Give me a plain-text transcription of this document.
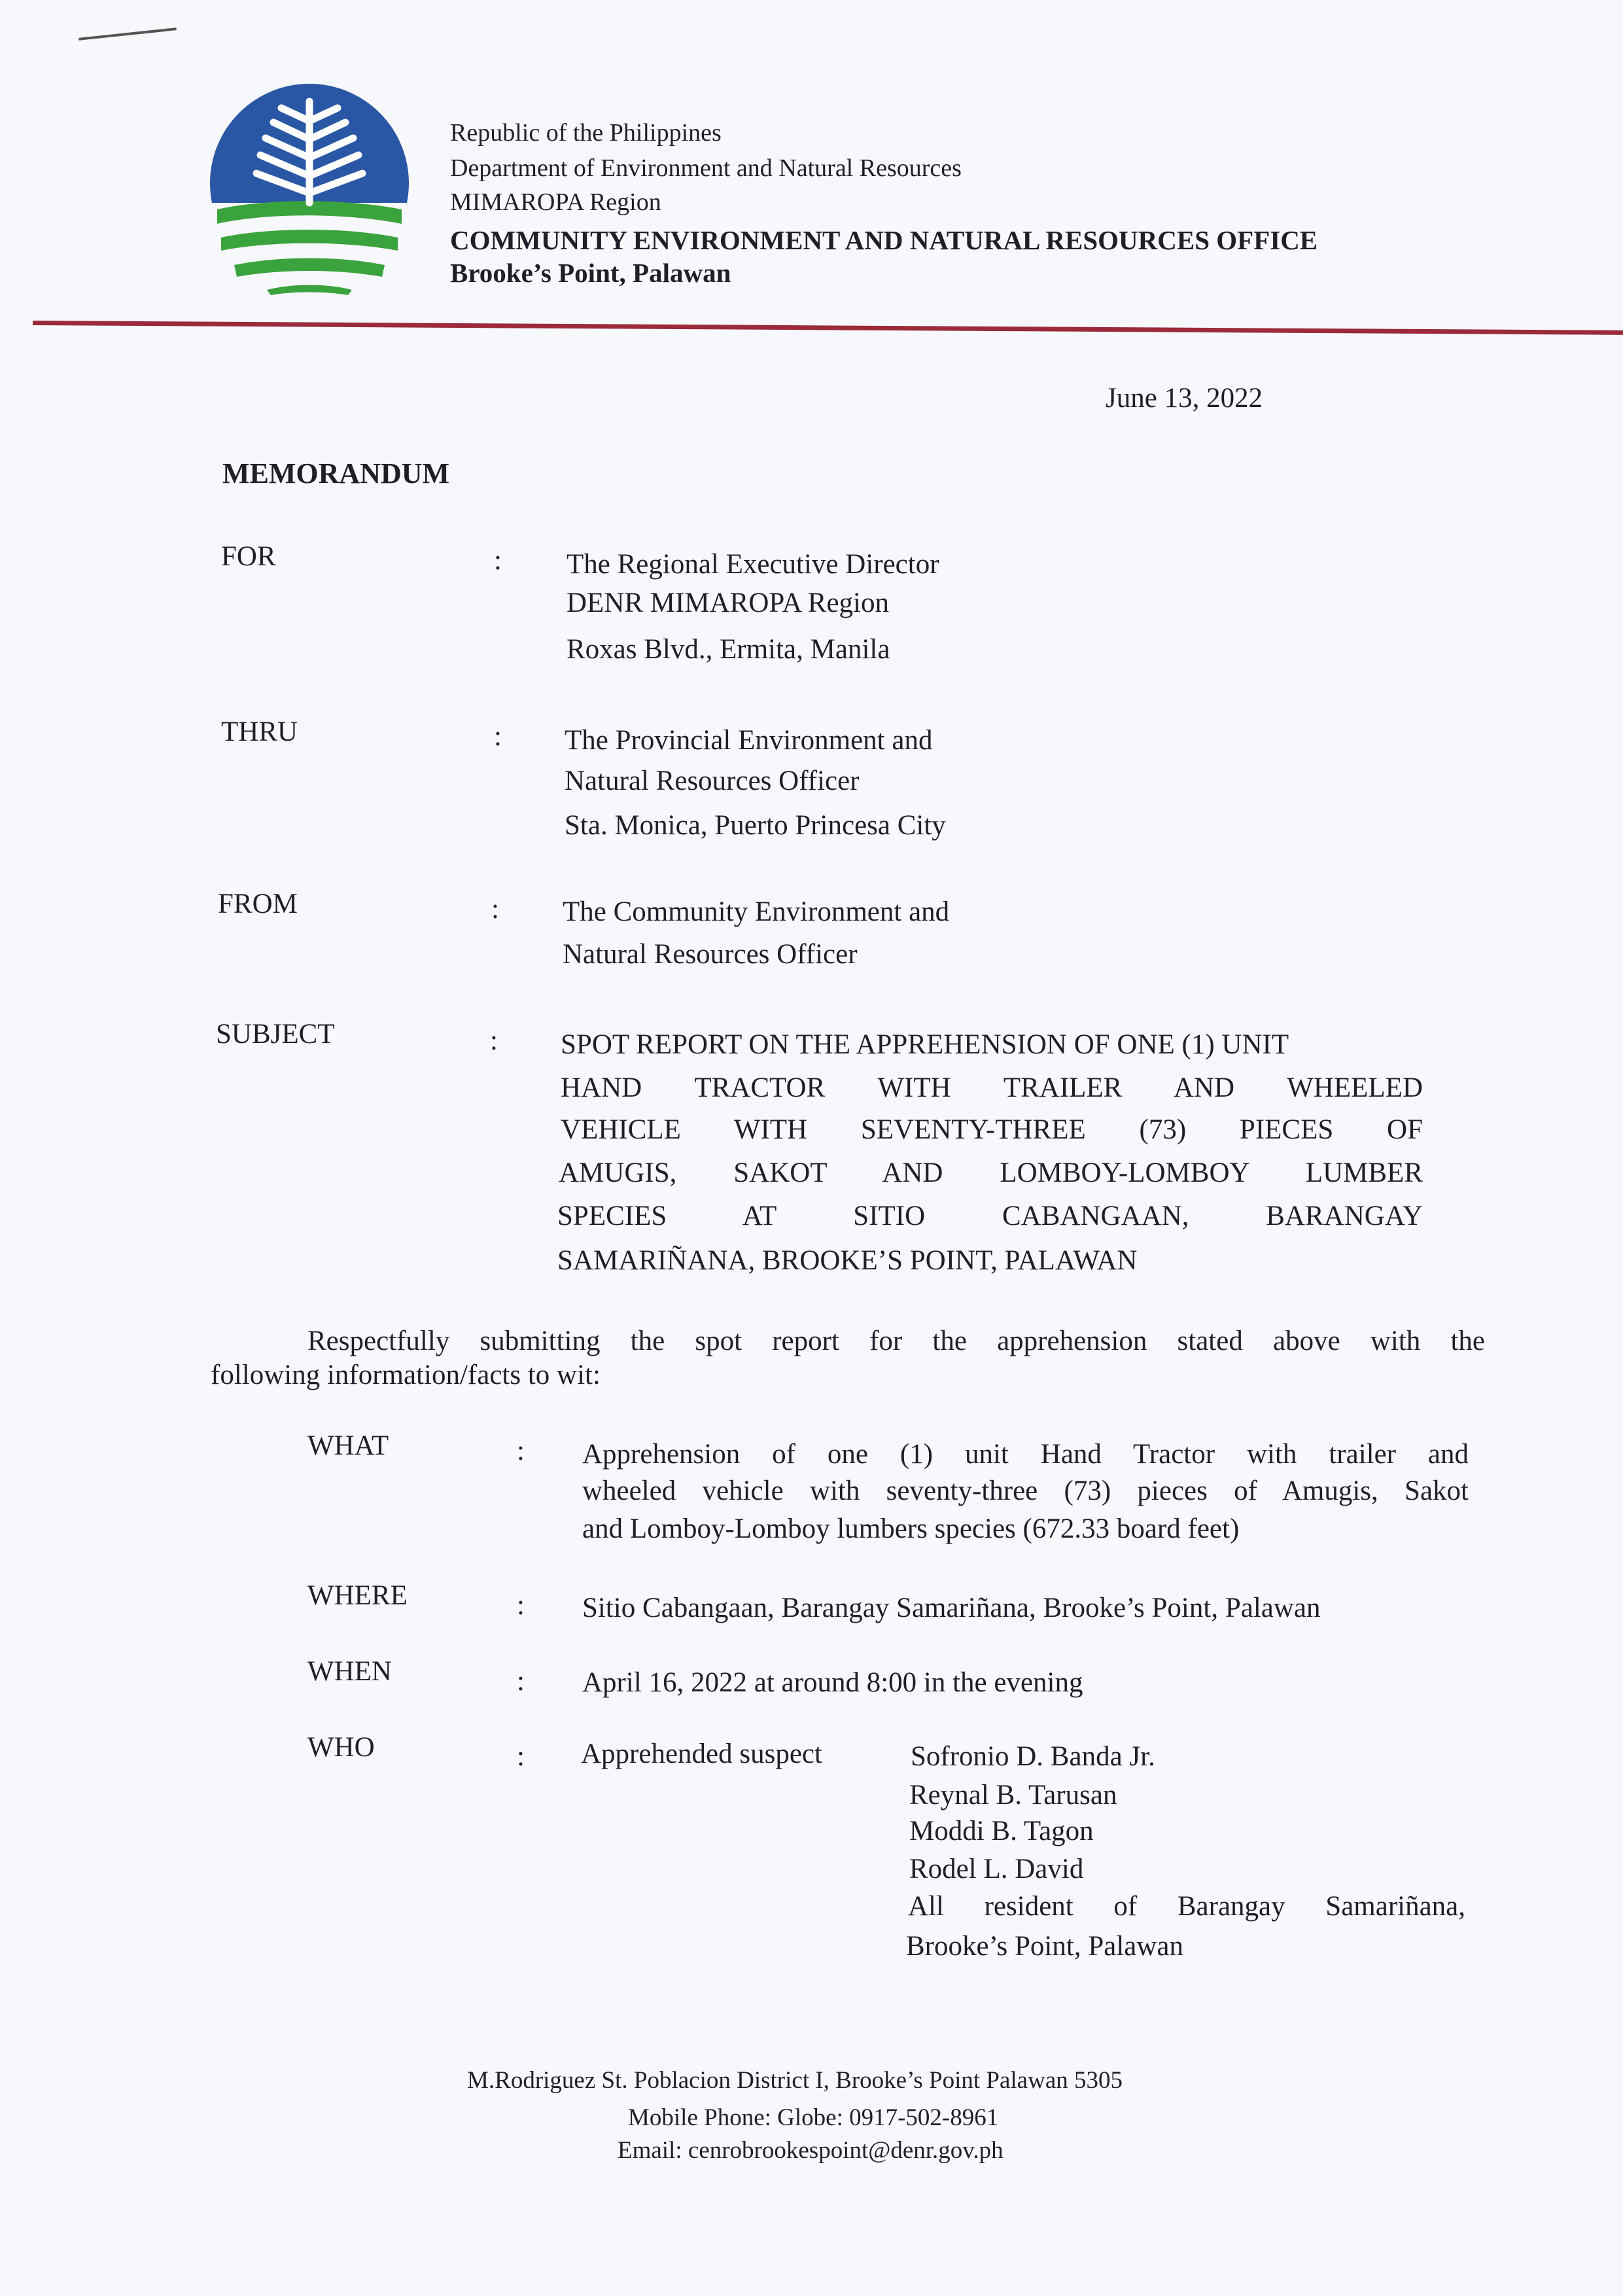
Republic of the Philippines
Department of Environment and Natural Resources
MIMAROPA Region
COMMUNITY ENVIRONMENT AND NATURAL RESOURCES OFFICE
Brooke’s Point, Palawan
June 13, 2022
MEMORANDUM
FOR	: The Regional Executive Director
DENR MIMAROPA Region
Roxas Blvd., Ermita, Manila
THRU	: The Provincial Environment and
Natural Resources Officer
Sta. Monica, Puerto Princesa City
FROM	: The Community Environment and
Natural Resources Officer
SUBJECT	: SPOT REPORT ON THE APPREHENSION OF ONE (1) UNIT
HAND TRACTOR WITH TRAILER AND WHEELED
VEHICLE WITH SEVENTY-THREE (73) PIECES OF
AMUGIS, SAKOT AND LOMBOY-LOMBOY LUMBER
SPECIES AT SITIO CABANGAAN, BARANGAY
SAMARIÑANA, BROOKE’S POINT, PALAWAN
Respectfully submitting the spot report for the apprehension stated above with the
following information/facts to wit:
WHAT	: Apprehension of one (1) unit Hand Tractor with trailer and
wheeled vehicle with seventy-three (73) pieces of Amugis, Sakot
and Lomboy-Lomboy lumbers species (672.33 board feet)
WHERE	: Sitio Cabangaan, Barangay Samariñana, Brooke’s Point, Palawan
WHEN	: April 16, 2022 at around 8:00 in the evening
WHO	: Apprehended suspect	Sofronio D. Banda Jr.
Reynal B. Tarusan
Moddi B. Tagon
Rodel L. David
All resident of Barangay Samariñana,
Brooke’s Point, Palawan
M.Rodriguez St. Poblacion District I, Brooke’s Point Palawan 5305
Mobile Phone: Globe: 0917-502-8961
Email: cenrobrookespoint@denr.gov.ph
